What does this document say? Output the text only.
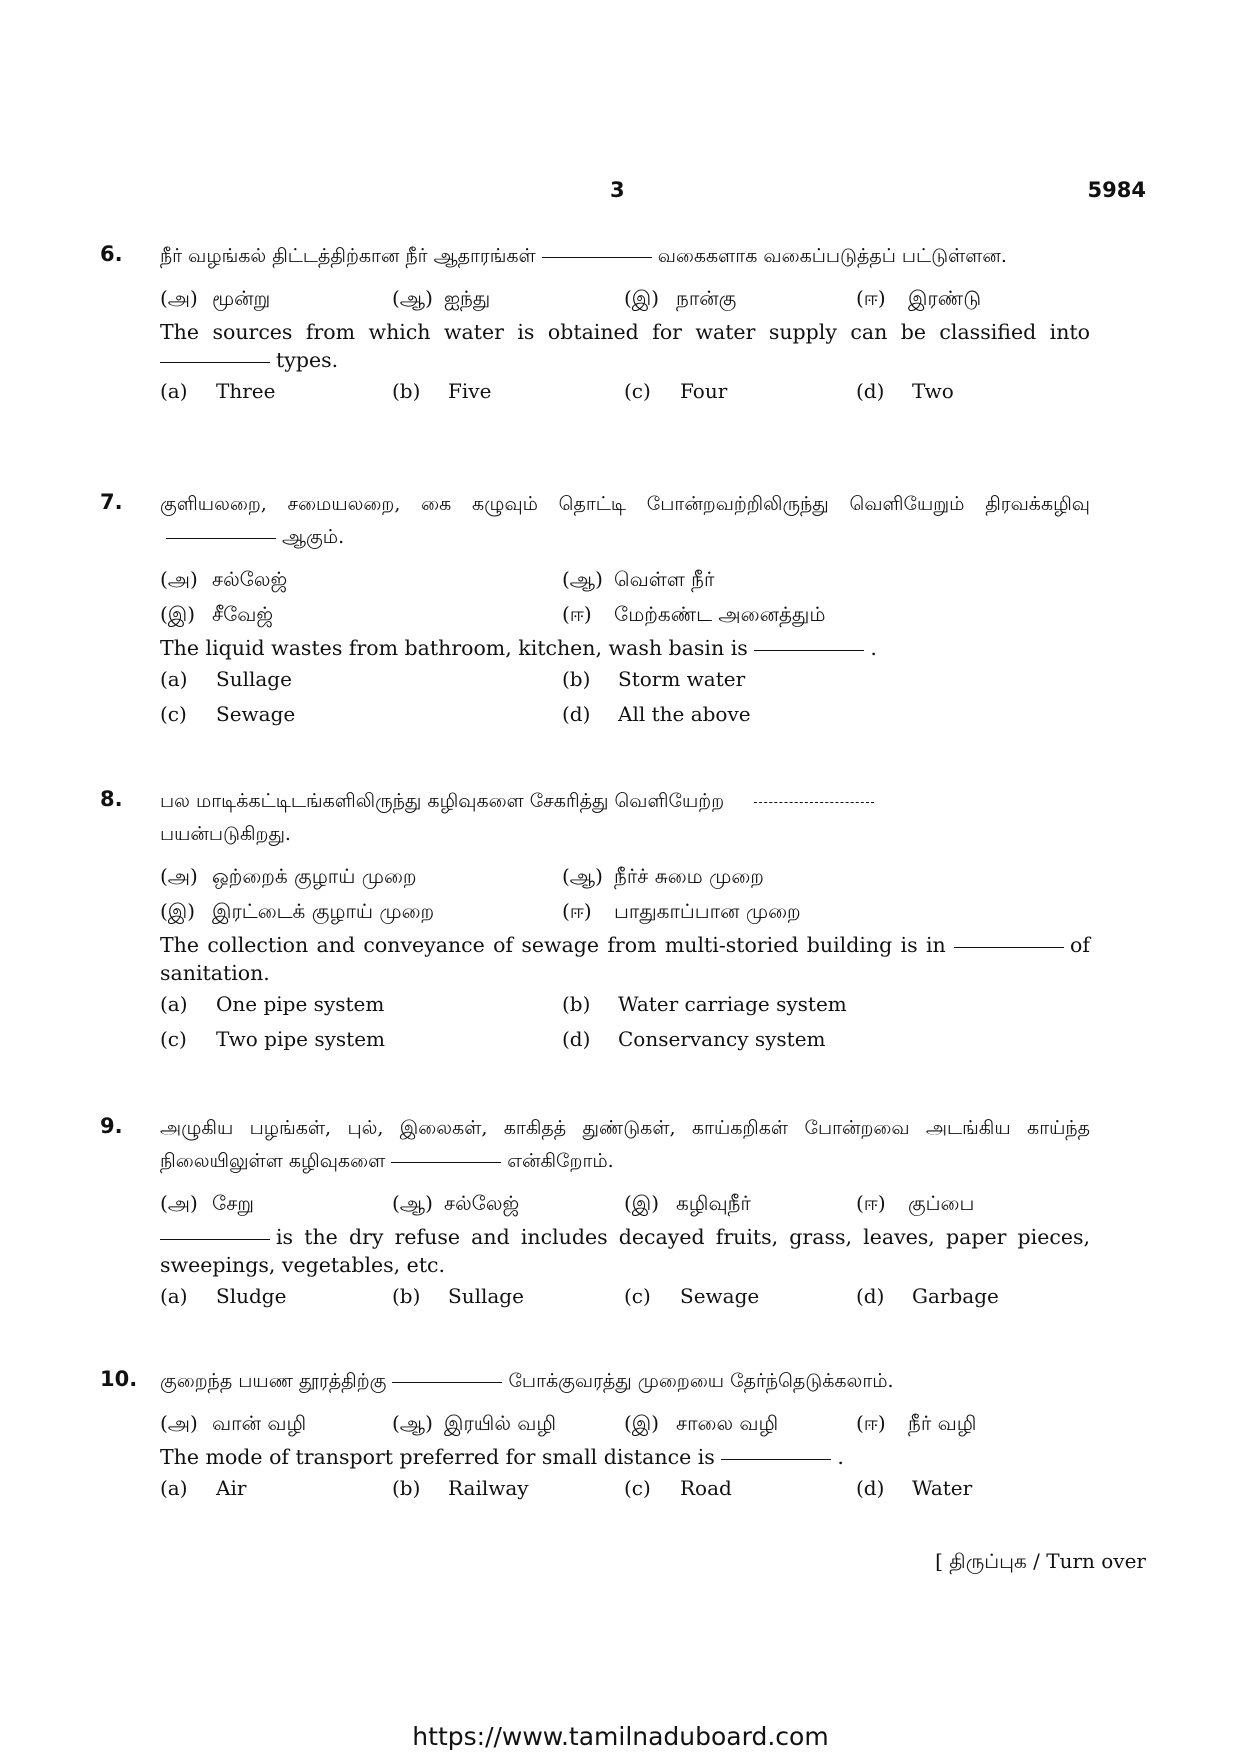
3	5984
6. நீர் வழங்கல் திட்டத்திற்கான நீர் ஆதாரங்கள்	வகைகளாக வகைப்படுத்தப் பட்டுள்ளன.
(அ) மூன்று	(ஆ) ஐந்து	(இ) நான்கு	(ஈ) இரண்டு
The sources from which water is obtained for water supply can be classified into types.
(a) Three	(b) Five	(c) Four	(d) Two
7. குளியலறை, சமையலறை, கை கழுவும் தொட்டி போன்றவற்றிலிருந்து வெளியேறும் திரவக்கழிவுஆகும்.
(அ) சல்லேஜ்	(ஆ) வெள்ள நீர்
(இ) சீவேஜ்	(ஈ) மேற்கண்ட அனைத்தும்
The liquid wastes from bathroom, kitchen, wash basin is	.
(a) Sullage	(b) Storm water
(c) Sewage	(d) All the above
8. பல மாடிக்கட்டிடங்களிலிருந்து கழிவுகளை சேகரித்து வெளியேற்ற
பயன்படுகிறது.
(அ) ஒற்றைக் குழாய் முறை	(ஆ) நீர்ச் சுமை முறை
(இ) இரட்டைக் குழாய் முறை	(ஈ) பாதுகாப்பான முறை
The collection and conveyance of sewage from multi-storied building is in	of sanitation.
(a) One pipe system	(b) Water carriage system
(c) Two pipe system	(d) Conservancy system
9. அழுகிய பழங்கள், புல், இலைகள், காகிதத் துண்டுகள், காய்கறிகள் போன்றவை அடங்கிய காய்ந்த நிலையிலுள்ள கழிவுகளை	என்கிறோம்.
(அ) சேறு	(ஆ) சல்லேஜ்	(இ) கழிவுநீர்	(ஈ) குப்பை
is the dry refuse and includes decayed fruits, grass, leaves, paper pieces, sweepings, vegetables, etc.
(a) Sludge	(b) Sullage	(c) Sewage	(d) Garbage
10. குறைந்த பயண தூரத்திற்கு	போக்குவரத்து முறையை தேர்ந்தெடுக்கலாம்.
(அ) வான் வழி	(ஆ) இரயில் வழி	(இ) சாலை வழி	(ஈ) நீர் வழி
The mode of transport preferred for small distance is	.
(a) Air	(b) Railway	(c) Road	(d) Water
[ திருப்புக / Turn over
https://www.tamilnaduboard.com
